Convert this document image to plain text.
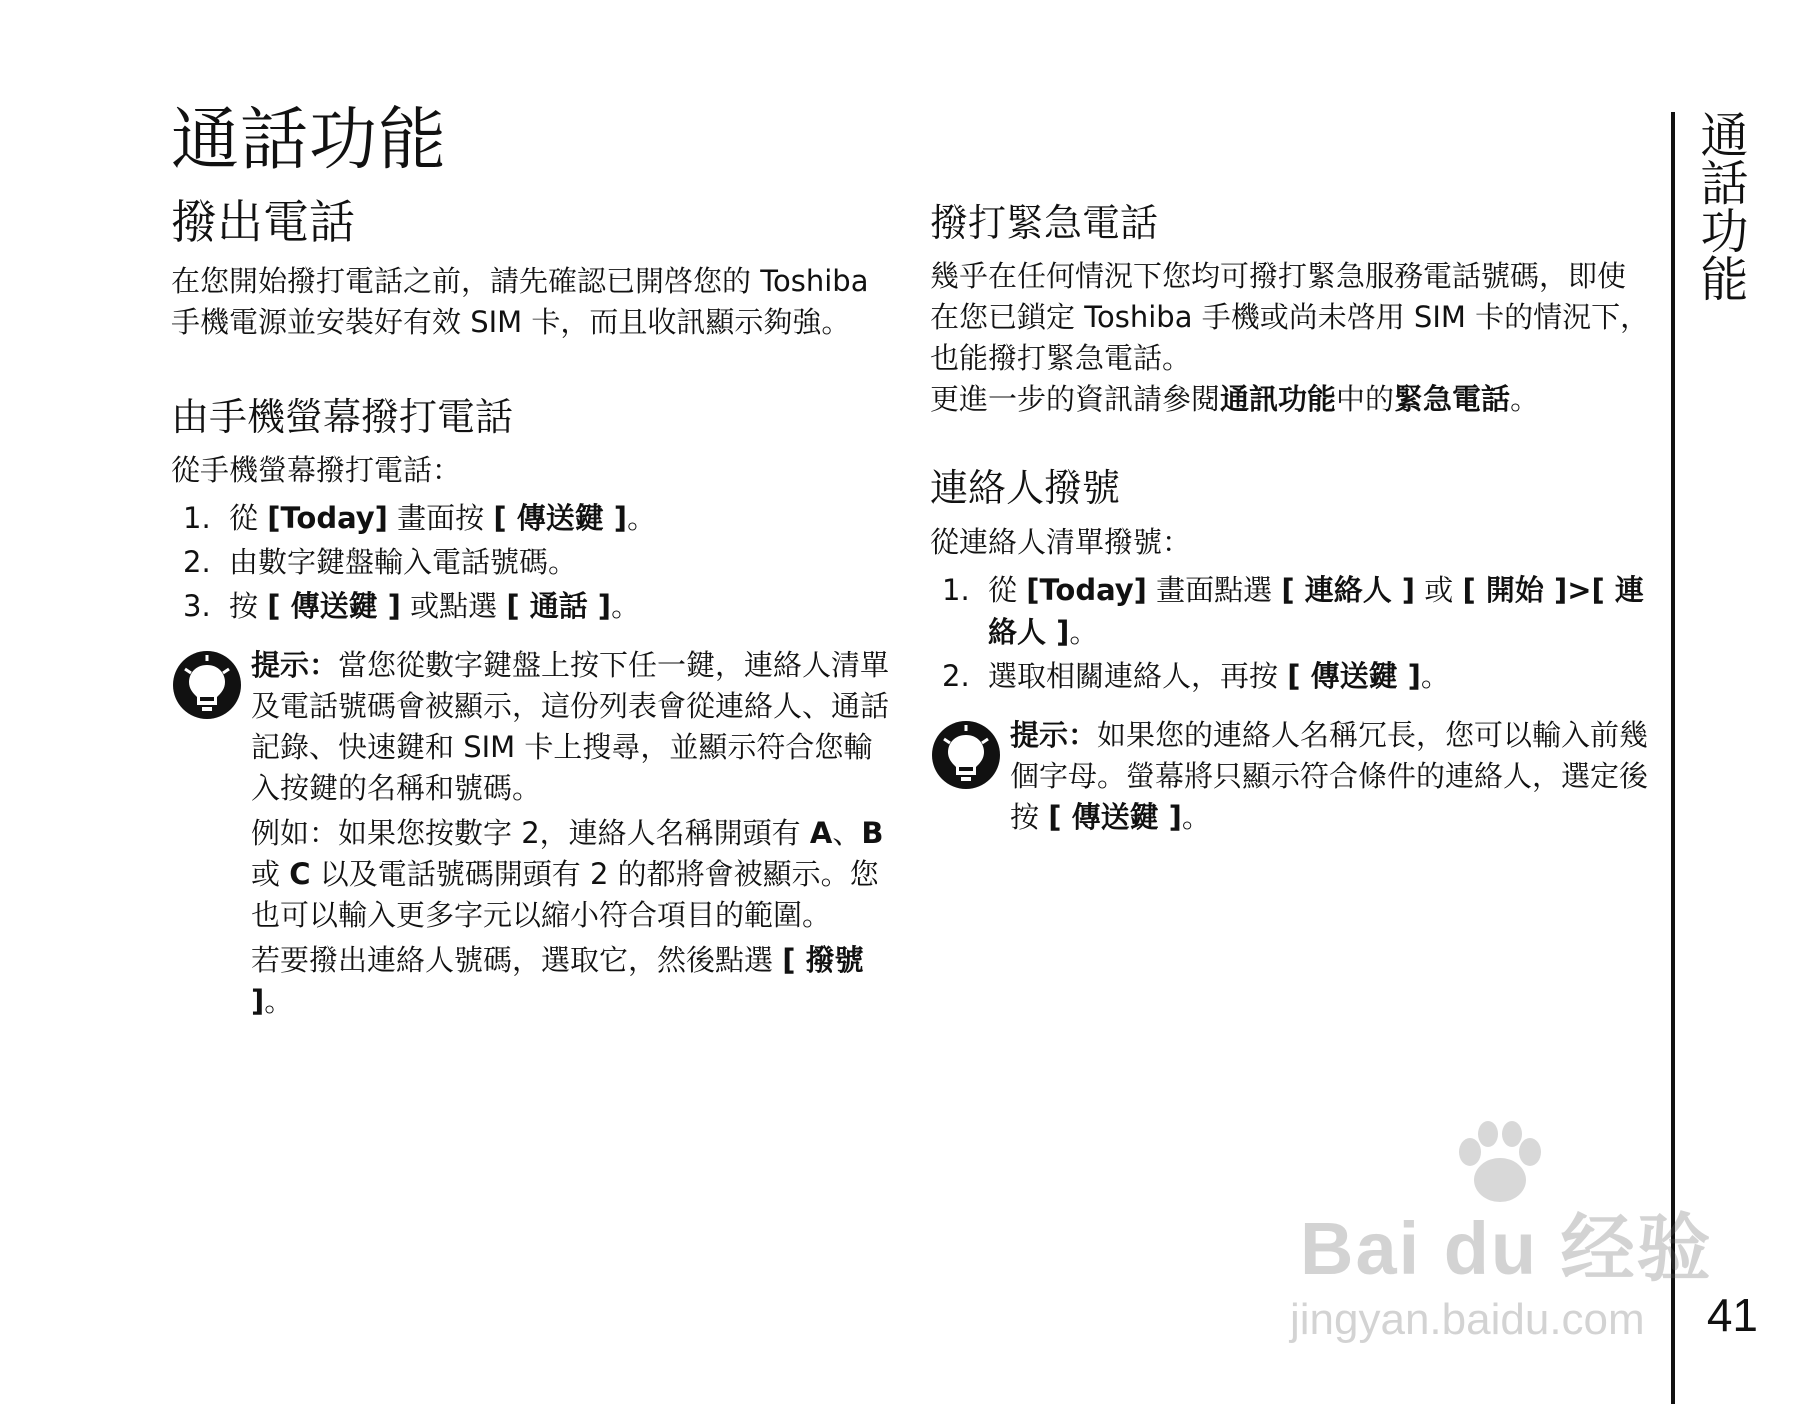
通話功能
撥出電話

在您開始撥打電話之前，請先確認已開啓您的 Toshiba 手機電源並安裝好有效 SIM 卡，而且收訊顯示夠強。

由手機螢幕撥打電話

從手機螢幕撥打電話：

1. 從 [Today] 畫面按 [ 傳送鍵 ]。
2. 由數字鍵盤輸入電話號碼。
3. 按 [ 傳送鍵 ] 或點選 [ 通話 ]。

提示：當您從數字鍵盤上按下任一鍵，連絡人清單及電話號碼會被顯示，這份列表會從連絡人、通話記錄、快速鍵和 SIM 卡上搜尋，並顯示符合您輸入按鍵的名稱和號碼。

例如：如果您按數字 2，連絡人名稱開頭有 A、B 或 C 以及電話號碼開頭有 2 的都將會被顯示。您也可以輸入更多字元以縮小符合項目的範圍。

若要撥出連絡人號碼，選取它，然後點選 [ 撥號 ]。

撥打緊急電話

幾乎在任何情況下您均可撥打緊急服務電話號碼，即使在您已鎖定 Toshiba 手機或尚未啓用 SIM 卡的情況下，也能撥打緊急電話。

更進一步的資訊請參閱通訊功能中的緊急電話。

連絡人撥號

從連絡人清單撥號：

1. 從 [Today] 畫面點選 [ 連絡人 ] 或 [ 開始 ]>[ 連絡人 ]。
2. 選取相關連絡人，再按 [ 傳送鍵 ]。

提示：如果您的連絡人名稱冗長，您可以輸入前幾個字母。螢幕將只顯示符合條件的連絡人，選定後按 [ 傳送鍵 ]。

通話功能
Bai du 经验
jingyan.baidu.com 41
